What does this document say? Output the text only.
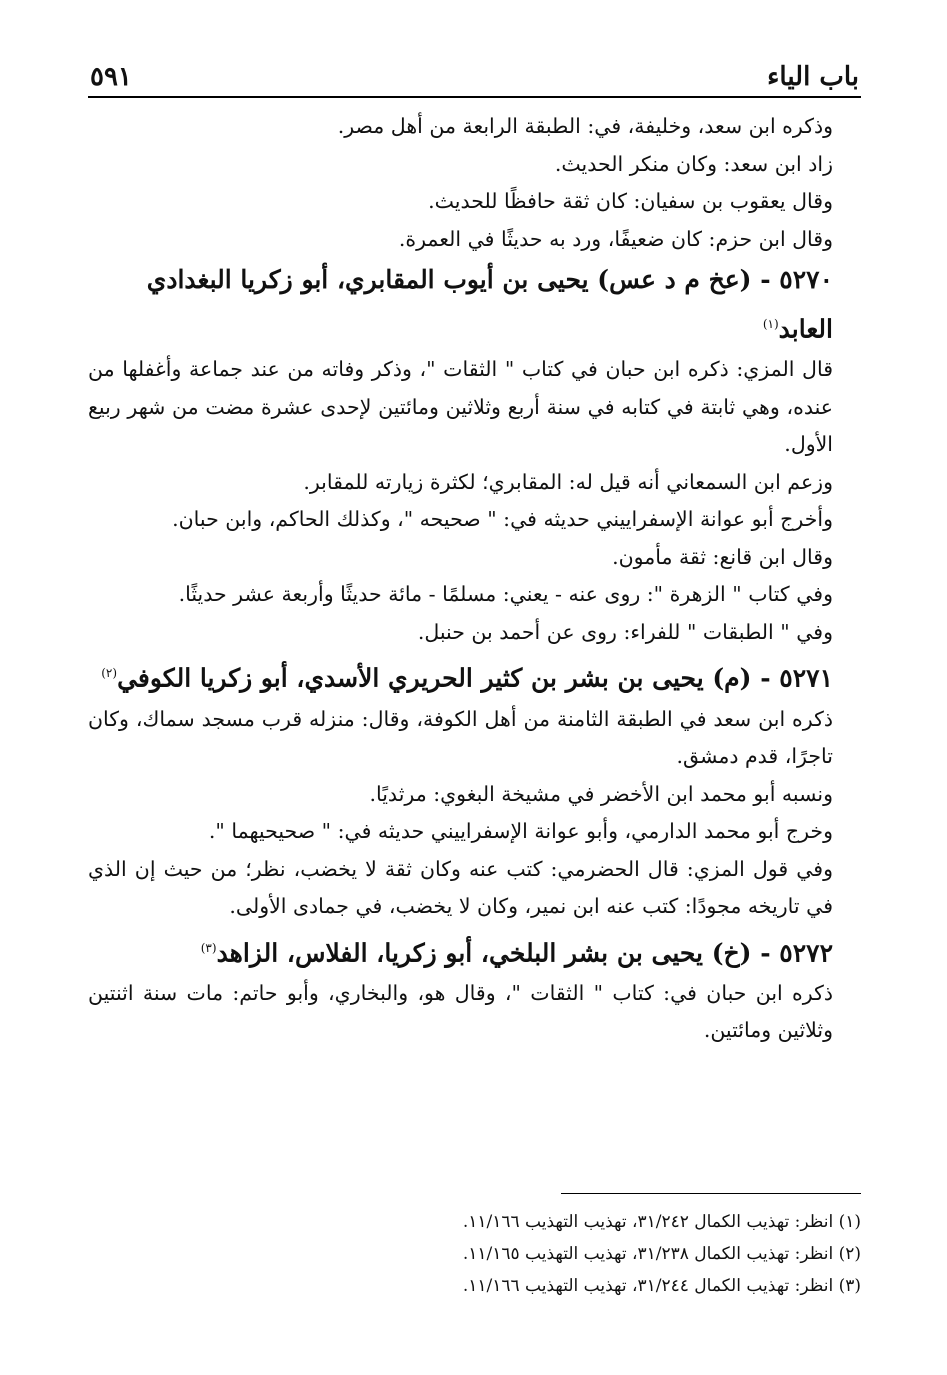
باب الياء
٥٩١

وذكره ابن سعد، وخليفة، في: الطبقة الرابعة من أهل مصر.

زاد ابن سعد: وكان منكر الحديث.

وقال يعقوب بن سفيان: كان ثقة حافظًا للحديث.

وقال ابن حزم: كان ضعيفًا، ورد به حديثًا في العمرة.

٥٢٧٠ - (عخ م د عس) يحيى بن أيوب المقابري، أبو زكريا البغدادي العابد$^{(١)}$

قال المزي: ذكره ابن حبان في كتاب " الثقات "، وذكر وفاته من عند جماعة وأغفلها من عنده، وهي ثابتة في كتابه في سنة أربع وثلاثين ومائتين لإحدى عشرة مضت من شهر ربيع الأول.

وزعم ابن السمعاني أنه قيل له: المقابري؛ لكثرة زيارته للمقابر.

وأخرج أبو عوانة الإسفراييني حديثه في: " صحيحه "، وكذلك الحاكم، وابن حبان.

وقال ابن قانع: ثقة مأمون.

وفي كتاب " الزهرة ": روى عنه - يعني: مسلمًا - مائة حديثًا وأربعة عشر حديثًا.

وفي " الطبقات " للفراء: روى عن أحمد بن حنبل.

٥٢٧١ - (م) يحيى بن بشر بن كثير الحريري الأسدي، أبو زكريا الكوفي$^{(٢)}$

ذكره ابن سعد في الطبقة الثامنة من أهل الكوفة، وقال: منزله قرب مسجد سماك، وكان تاجرًا، قدم دمشق.

ونسبه أبو محمد ابن الأخضر في مشيخة البغوي: مرثديًا.

وخرج أبو محمد الدارمي، وأبو عوانة الإسفراييني حديثه في: " صحيحيهما ".

وفي قول المزي: قال الحضرمي: كتب عنه وكان ثقة لا يخضب، نظر؛ من حيث إن الذي في تاريخه مجودًا: كتب عنه ابن نمير، وكان لا يخضب، في جمادى الأولى.

٥٢٧٢ - (خ) يحيى بن بشر البلخي، أبو زكريا، الفلاس، الزاهد$^{(٣)}$

ذكره ابن حبان في: كتاب " الثقات "، وقال هو، والبخاري، وأبو حاتم: مات سنة اثنتين وثلاثين ومائتين.

(١) انظر: تهذيب الكمال ٣١/٢٤٢، تهذيب التهذيب ١١/١٦٦.

(٢) انظر: تهذيب الكمال ٣١/٢٣٨، تهذيب التهذيب ١١/١٦٥.

(٣) انظر: تهذيب الكمال ٣١/٢٤٤، تهذيب التهذيب ١١/١٦٦.
